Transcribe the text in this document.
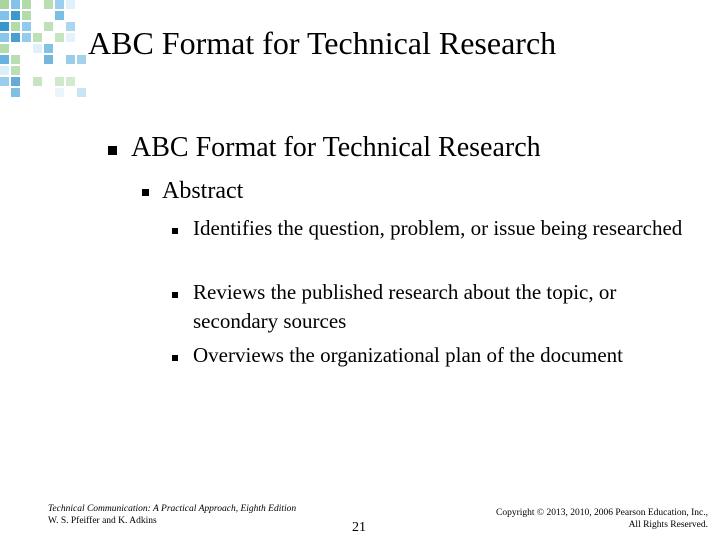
ABC Format for Technical Research
ABC Format for Technical Research
Abstract
Identifies the question, problem, or issue being researched
Reviews the published research about the topic, or secondary sources
Overviews the organizational plan of the document
Technical Communication: A Practical Approach, Eighth Edition
W. S. Pfeiffer and K. Adkins	21
Copyright © 2013, 2010, 2006 Pearson Education, Inc.,
All Rights Reserved.
